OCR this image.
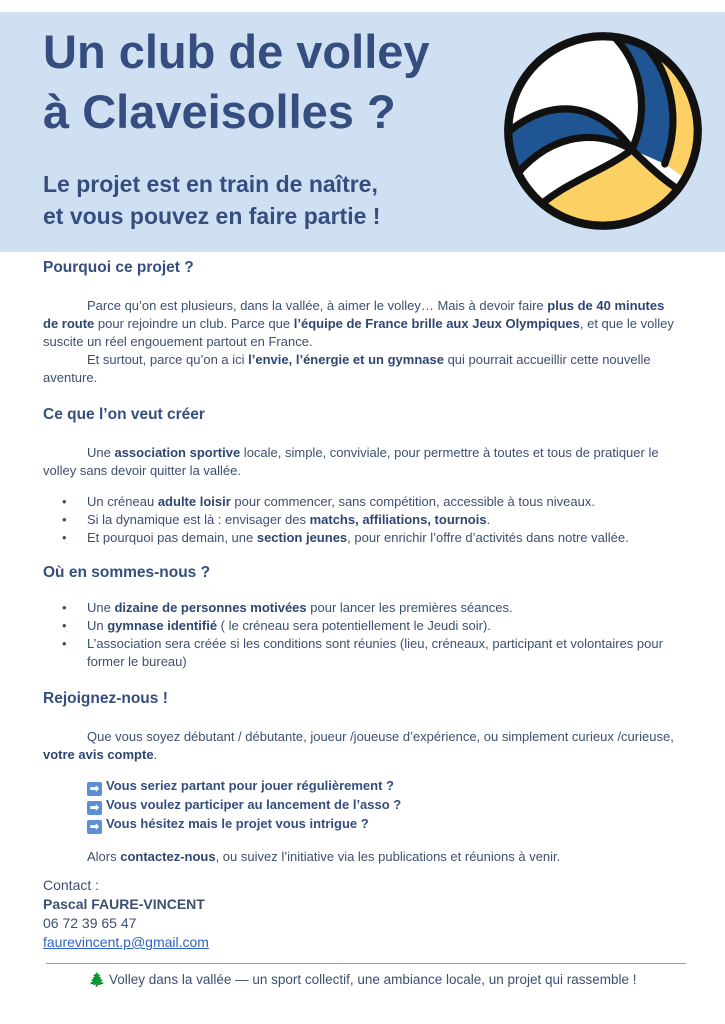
Un club de volley
à Claveisolles ?
Le projet est en train de naître,
et vous pouvez en faire partie !
Pourquoi ce projet ?

Parce qu’on est plusieurs, dans la vallée, à aimer le volley… Mais à devoir faire plus de 40 minutes de route pour rejoindre un club. Parce que l’équipe de France brille aux Jeux Olympiques, et que le volley suscite un réel engouement partout en France.

Et surtout, parce qu’on a ici l’envie, l’énergie et un gymnase qui pourrait accueillir cette nouvelle aventure.

Ce que l’on veut créer

Une association sportive locale, simple, conviviale, pour permettre à toutes et tous de pratiquer le volley sans devoir quitter la vallée.

• Un créneau adulte loisir pour commencer, sans compétition, accessible à tous niveaux.
• Si la dynamique est là : envisager des matchs, affiliations, tournois.
• Et pourquoi pas demain, une section jeunes, pour enrichir l’offre d’activités dans notre vallée.
Où en sommes-nous ?
• Une dizaine de personnes motivées pour lancer les premières séances.
• Un gymnase identifié ( le créneau sera potentiellement le Jeudi soir).
• L’association sera créée si les conditions sont réunies (lieu, créneaux, participant et volontaires pour former le bureau)
Rejoignez-nous !

Que vous soyez débutant / débutante, joueur /joueuse d’expérience, ou simplement curieux /curieuse, votre avis compte.

➡ Vous seriez partant pour jouer régulièrement ?
➡ Vous voulez participer au lancement de l’asso ?
➡ Vous hésitez mais le projet vous intrigue ?

Alors contactez-nous, ou suivez l’initiative via les publications et réunions à venir.

Contact :
Pascal FAURE-VINCENT
06 72 39 65 47
faurevincent.p@gmail.com
🌲 Volley dans la vallée — un sport collectif, une ambiance locale, un projet qui rassemble !
